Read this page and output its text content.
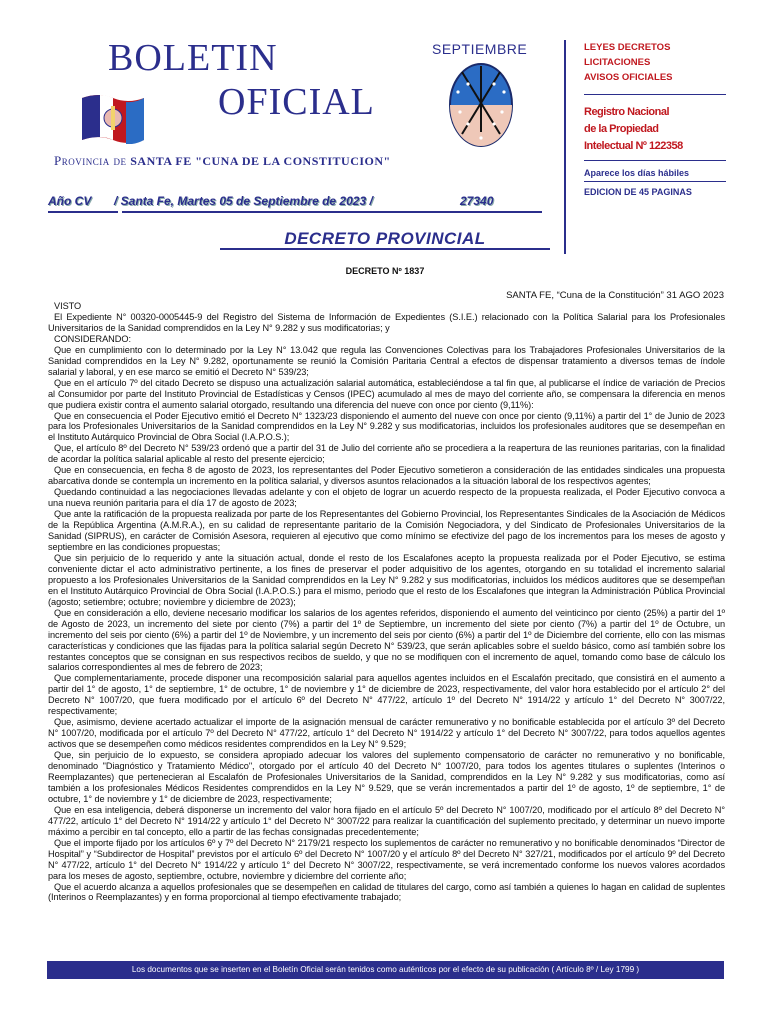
BOLETIN
OFICIAL
Provincia de SANTA FE "CUNA DE LA CONSTITUCION"
SEPTIEMBRE	LEYES DECRETOS
LICITACIONES
AVISOS OFICIALES
Registro Nacional
de la Propiedad
Intelectual Nº 122358
Aparece los días hábiles
EDICION DE 45 PAGINAS
Año CV / Santa Fe, Martes 05 de Septiembre de 2023 /	27340
DECRETO PROVINCIAL
DECRETO Nº 1837
SANTA FE, “Cuna de la Constitución” 31 AGO 2023

VISTO

El Expediente N° 00320-0005445-9 del Registro del Sistema de Información de Expedientes (S.I.E.) relacionado con la Política Salarial para los Profesionales Universitarios de la Sanidad comprendidos en la Ley N° 9.282 y sus modificatorias; y

CONSIDERANDO:

Que en cumplimiento con lo determinado por la Ley N° 13.042 que regula las Convenciones Colectivas para los Trabajadores Profesionales Universitarios de la Sanidad comprendidos en la Ley N° 9.282, oportunamente se reunió la Comisión Paritaria Central a efectos de dispensar tratamiento a diversos temas de índole salarial y laboral, y en ese marco se emitió el Decreto N° 539/23;

Que en el artículo 7º del citado Decreto se dispuso una actualización salarial automática, estableciéndose a tal fin que, al publicarse el índice de variación de Precios al Consumidor por parte del Instituto Provincial de Estadísticas y Censos (IPEC) acumulado al mes de mayo del corriente año, se compensara la diferencia en menos que pudiera existir contra el aumento salarial otorgado, resultando una diferencia del nueve con once por ciento (9,11%):

Que en consecuencia el Poder Ejecutivo emitió el Decreto N° 1323/23 disponiendo el aumento del nueve con once por ciento (9,11%) a partir del 1° de Junio de 2023 para los Profesionales Universitarios de la Sanidad comprendidos en la Ley N° 9.282 y sus modificatorias, incluidos los profesionales auditores que se desempeñan en el Instituto Autárquico Provincial de Obra Social (I.A.P.O.S.);

Que, el artículo 8º del Decreto N° 539/23 ordenó que a partir del 31 de Julio del corriente año se procediera a la reapertura de las reuniones paritarias, con la finalidad de acordar la política salarial aplicable al resto del presente ejercicio;

Que en consecuencia, en fecha 8 de agosto de 2023, los representantes del Poder Ejecutivo sometieron a consideración de las entidades sindicales una propuesta abarcativa donde se contempla un incremento en la política salarial, y diversos asuntos relacionados a la situación laboral de los respectivos agentes;

Quedando continuidad a las negociaciones llevadas adelante y con el objeto de lograr un acuerdo respecto de la propuesta realizada, el Poder Ejecutivo convoca a una nueva reunión paritaria para el día 17 de agosto de 2023;

Que ante la ratificación de la propuesta realizada por parte de los Representantes del Gobierno Provincial, los Representantes Sindicales de la Asociación de Médicos de la República Argentina (A.M.R.A.), en su calidad de representante paritario de la Comisión Negociadora, y del Sindicato de Profesionales Universitarios de la Sanidad (SIPRUS), en carácter de Comisión Asesora, requieren al ejecutivo que como mínimo se efectivize del pago de los incrementos para los meses de agosto y septiembre en las condiciones propuestas;

Que sin perjuicio de lo requerido y ante la situación actual, donde el resto de los Escalafones acepto la propuesta realizada por el Poder Ejecutivo, se estima conveniente dictar el acto administrativo pertinente, a los fines de preservar el poder adquisitivo de los agentes, otorgando en su totalidad el incremento salarial propuesto a los Profesionales Universitarios de la Sanidad comprendidos en la Ley N° 9.282 y sus modificatorias, incluidos los médicos auditores que se desempeñan en el Instituto Autárquico Provincial de Obra Social (I.A.P.O.S.) para el mismo, periodo que el resto de los Escalafones que integran la Administración Pública Provincial (agosto; setiembre; octubre; noviembre y diciembre de 2023);

Que en consideración a ello, deviene necesario modificar los salarios de los agentes referidos, disponiendo el aumento del veinticinco por ciento (25%) a partir del 1º de Agosto de 2023, un incremento del siete por ciento (7%) a partir del 1º de Septiembre, un incremento del siete por ciento (7%) a partir del 1º de Octubre, un incremento del seis por ciento (6%) a partir del 1º de Noviembre, y un incremento del seis por ciento (6%) a partir del 1º de Diciembre del corriente, ello con las mismas características y condiciones que las fijadas para la política salarial según Decreto N° 539/23, que serán aplicables sobre el sueldo básico, como así también sobre los restantes conceptos que se consignan en sus respectivos recibos de sueldo, y que no se modifiquen con el incremento de aquel, tomando como base de cálculo los salarios correspondientes al mes de febrero de 2023;

Que complementariamente, procede disponer una recomposición salarial para aquellos agentes incluidos en el Escalafón precitado, que consistirá en el aumento a partir del 1° de agosto, 1° de septiembre, 1° de octubre, 1° de noviembre y 1° de diciembre de 2023, respectivamente, del valor hora establecido por el artículo 2° del Decreto N° 1007/20, que fuera modificado por el artículo 6º del Decreto N° 477/22, artículo 1º del Decreto N° 1914/22 y artículo 1° del Decreto N° 3007/22, respectivamente;

Que, asimismo, deviene acertado actualizar el importe de la asignación mensual de carácter remunerativo y no bonificable establecida por el artículo 3º del Decreto N° 1007/20, modificada por el artículo 7º del Decreto N° 477/22, artículo 1° del Decreto N° 1914/22 y artículo 1° del Decreto N° 3007/22, para todos aquellos agentes activos que se desempeñen como médicos residentes comprendidos en la Ley N° 9.529;

Que, sin perjuicio de lo expuesto, se considera apropiado adecuar los valores del suplemento compensatorio de carácter no remunerativo y no bonificable, denominado "Diagnóstico y Tratamiento Médico", otorgado por el artículo 40 del Decreto N° 1007/20, para todos los agentes titulares o suplentes (Interinos o Reemplazantes) que pertenecieran al Escalafón de Profesionales Universitarios de la Sanidad, comprendidos en la Ley N° 9.282 y sus modificatorias, como así también a los profesionales Médicos Residentes comprendidos en la Ley N° 9.529, que se verán incrementados a partir del 1º de agosto, 1º de septiembre, 1° de octubre, 1° de noviembre y 1° de diciembre de 2023, respectivamente;

Que en esa inteligencia, deberá disponerse un incremento del valor hora fijado en el artículo 5º del Decreto N° 1007/20, modificado por el artículo 8º del Decreto N° 477/22, artículo 1° del Decreto N° 1914/22 y artículo 1° del Decreto N° 3007/22 para realizar la cuantificación del suplemento precitado, y determinar un nuevo importe máximo a percibir en tal concepto, ello a partir de las fechas consignadas precedentemente;

Que el importe fijado por los artículos 6º y 7º del Decreto N° 2179/21 respecto los suplementos de carácter no remunerativo y no bonificable denominados “Director de Hospital” y “Subdirector de Hospital” previstos por el artículo 6º del Decreto N° 1007/20 y el artículo 8º del Decreto N° 327/21, modificados por el artículo 9º del Decreto N° 477/22, artículo 1° del Decreto N° 1914/22 y artículo 1° del Decreto N° 3007/22, respectivamente, se verá incrementado conforme los nuevos valores acordados para los meses de agosto, septiembre, octubre, noviembre y diciembre del corriente año;

Que el acuerdo alcanza a aquellos profesionales que se desempeñen en calidad de titulares del cargo, como así también a quienes lo hagan en calidad de suplentes (Interinos o Reemplazantes) y en forma proporcional al tiempo efectivamente trabajado;

Los documentos que se inserten en el Boletín Oficial serán tenidos como auténticos por el efecto de su publicación ( Artículo 8º / Ley 1799 )
